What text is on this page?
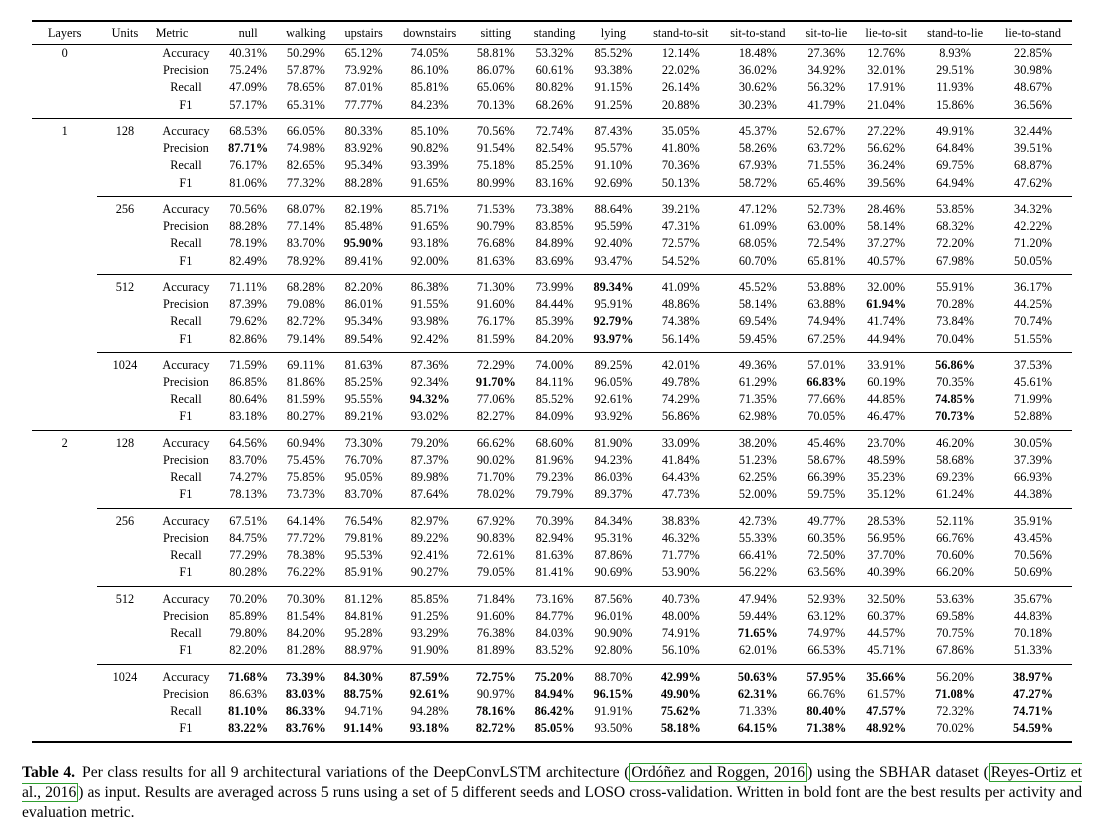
Layers	Units	Metric	null	walking	upstairs	downstairs	sitting	standing	lying	stand-to-sit	sit-to-stand	sit-to-lie	lie-to-sit	stand-to-lie	lie-to-stand
0		Accuracy	40.31%	50.29%	65.12%	74.05%	58.81%	53.32%	85.52%	12.14%	18.48%	27.36%	12.76%	8.93%	22.85%
		Precision	75.24%	57.87%	73.92%	86.10%	86.07%	60.61%	93.38%	22.02%	36.02%	34.92%	32.01%	29.51%	30.98%
		Recall	47.09%	78.65%	87.01%	85.81%	65.06%	80.82%	91.15%	26.14%	30.62%	56.32%	17.91%	11.93%	48.67%
		F1	57.17%	65.31%	77.77%	84.23%	70.13%	68.26%	91.25%	20.88%	30.23%	41.79%	21.04%	15.86%	36.56%
1	128	Accuracy	68.53%	66.05%	80.33%	85.10%	70.56%	72.74%	87.43%	35.05%	45.37%	52.67%	27.22%	49.91%	32.44%
		Precision	87.71%	74.98%	83.92%	90.82%	91.54%	82.54%	95.57%	41.80%	58.26%	63.72%	56.62%	64.84%	39.51%
		Recall	76.17%	82.65%	95.34%	93.39%	75.18%	85.25%	91.10%	70.36%	67.93%	71.55%	36.24%	69.75%	68.87%
		F1	81.06%	77.32%	88.28%	91.65%	80.99%	83.16%	92.69%	50.13%	58.72%	65.46%	39.56%	64.94%	47.62%
	256	Accuracy	70.56%	68.07%	82.19%	85.71%	71.53%	73.38%	88.64%	39.21%	47.12%	52.73%	28.46%	53.85%	34.32%
		Precision	88.28%	77.14%	85.48%	91.65%	90.79%	83.85%	95.59%	47.31%	61.09%	63.00%	58.14%	68.32%	42.22%
		Recall	78.19%	83.70%	95.90%	93.18%	76.68%	84.89%	92.40%	72.57%	68.05%	72.54%	37.27%	72.20%	71.20%
		F1	82.49%	78.92%	89.41%	92.00%	81.63%	83.69%	93.47%	54.52%	60.70%	65.81%	40.57%	67.98%	50.05%
	512	Accuracy	71.11%	68.28%	82.20%	86.38%	71.30%	73.99%	89.34%	41.09%	45.52%	53.88%	32.00%	55.91%	36.17%
		Precision	87.39%	79.08%	86.01%	91.55%	91.60%	84.44%	95.91%	48.86%	58.14%	63.88%	61.94%	70.28%	44.25%
		Recall	79.62%	82.72%	95.34%	93.98%	76.17%	85.39%	92.79%	74.38%	69.54%	74.94%	41.74%	73.84%	70.74%
		F1	82.86%	79.14%	89.54%	92.42%	81.59%	84.20%	93.97%	56.14%	59.45%	67.25%	44.94%	70.04%	51.55%
	1024	Accuracy	71.59%	69.11%	81.63%	87.36%	72.29%	74.00%	89.25%	42.01%	49.36%	57.01%	33.91%	56.86%	37.53%
		Precision	86.85%	81.86%	85.25%	92.34%	91.70%	84.11%	96.05%	49.78%	61.29%	66.83%	60.19%	70.35%	45.61%
		Recall	80.64%	81.59%	95.55%	94.32%	77.06%	85.52%	92.61%	74.29%	71.35%	77.66%	44.85%	74.85%	71.99%
		F1	83.18%	80.27%	89.21%	93.02%	82.27%	84.09%	93.92%	56.86%	62.98%	70.05%	46.47%	70.73%	52.88%
2	128	Accuracy	64.56%	60.94%	73.30%	79.20%	66.62%	68.60%	81.90%	33.09%	38.20%	45.46%	23.70%	46.20%	30.05%
		Precision	83.70%	75.45%	76.70%	87.37%	90.02%	81.96%	94.23%	41.84%	51.23%	58.67%	48.59%	58.68%	37.39%
		Recall	74.27%	75.85%	95.05%	89.98%	71.70%	79.23%	86.03%	64.43%	62.25%	66.39%	35.23%	69.23%	66.93%
		F1	78.13%	73.73%	83.70%	87.64%	78.02%	79.79%	89.37%	47.73%	52.00%	59.75%	35.12%	61.24%	44.38%
	256	Accuracy	67.51%	64.14%	76.54%	82.97%	67.92%	70.39%	84.34%	38.83%	42.73%	49.77%	28.53%	52.11%	35.91%
		Precision	84.75%	77.72%	79.81%	89.22%	90.83%	82.94%	95.31%	46.32%	55.33%	60.35%	56.95%	66.76%	43.45%
		Recall	77.29%	78.38%	95.53%	92.41%	72.61%	81.63%	87.86%	71.77%	66.41%	72.50%	37.70%	70.60%	70.56%
		F1	80.28%	76.22%	85.91%	90.27%	79.05%	81.41%	90.69%	53.90%	56.22%	63.56%	40.39%	66.20%	50.69%
	512	Accuracy	70.20%	70.30%	81.12%	85.85%	71.84%	73.16%	87.56%	40.73%	47.94%	52.93%	32.50%	53.63%	35.67%
		Precision	85.89%	81.54%	84.81%	91.25%	91.60%	84.77%	96.01%	48.00%	59.44%	63.12%	60.37%	69.58%	44.83%
		Recall	79.80%	84.20%	95.28%	93.29%	76.38%	84.03%	90.90%	74.91%	71.65%	74.97%	44.57%	70.75%	70.18%
		F1	82.20%	81.28%	88.97%	91.90%	81.89%	83.52%	92.80%	56.10%	62.01%	66.53%	45.71%	67.86%	51.33%
	1024	Accuracy	71.68%	73.39%	84.30%	87.59%	72.75%	75.20%	88.70%	42.99%	50.63%	57.95%	35.66%	56.20%	38.97%
		Precision	86.63%	83.03%	88.75%	92.61%	90.97%	84.94%	96.15%	49.90%	62.31%	66.76%	61.57%	71.08%	47.27%
		Recall	81.10%	86.33%	94.71%	94.28%	78.16%	86.42%	91.91%	75.62%	71.33%	80.40%	47.57%	72.32%	74.71%
		F1	83.22%	83.76%	91.14%	93.18%	82.72%	85.05%	93.50%	58.18%	64.15%	71.38%	48.92%	70.02%	54.59%

Table 4. Per class results for all 9 architectural variations of the DeepConvLSTM architecture ( Ordóñez and Roggen, 2016 ) using the SBHAR dataset ( Reyes-Ortiz et al., 2016 ) as input. Results are averaged across 5 runs using a set of 5 different seeds and LOSO cross-validation. Written in bold font are the best results per activity and evaluation metric.
